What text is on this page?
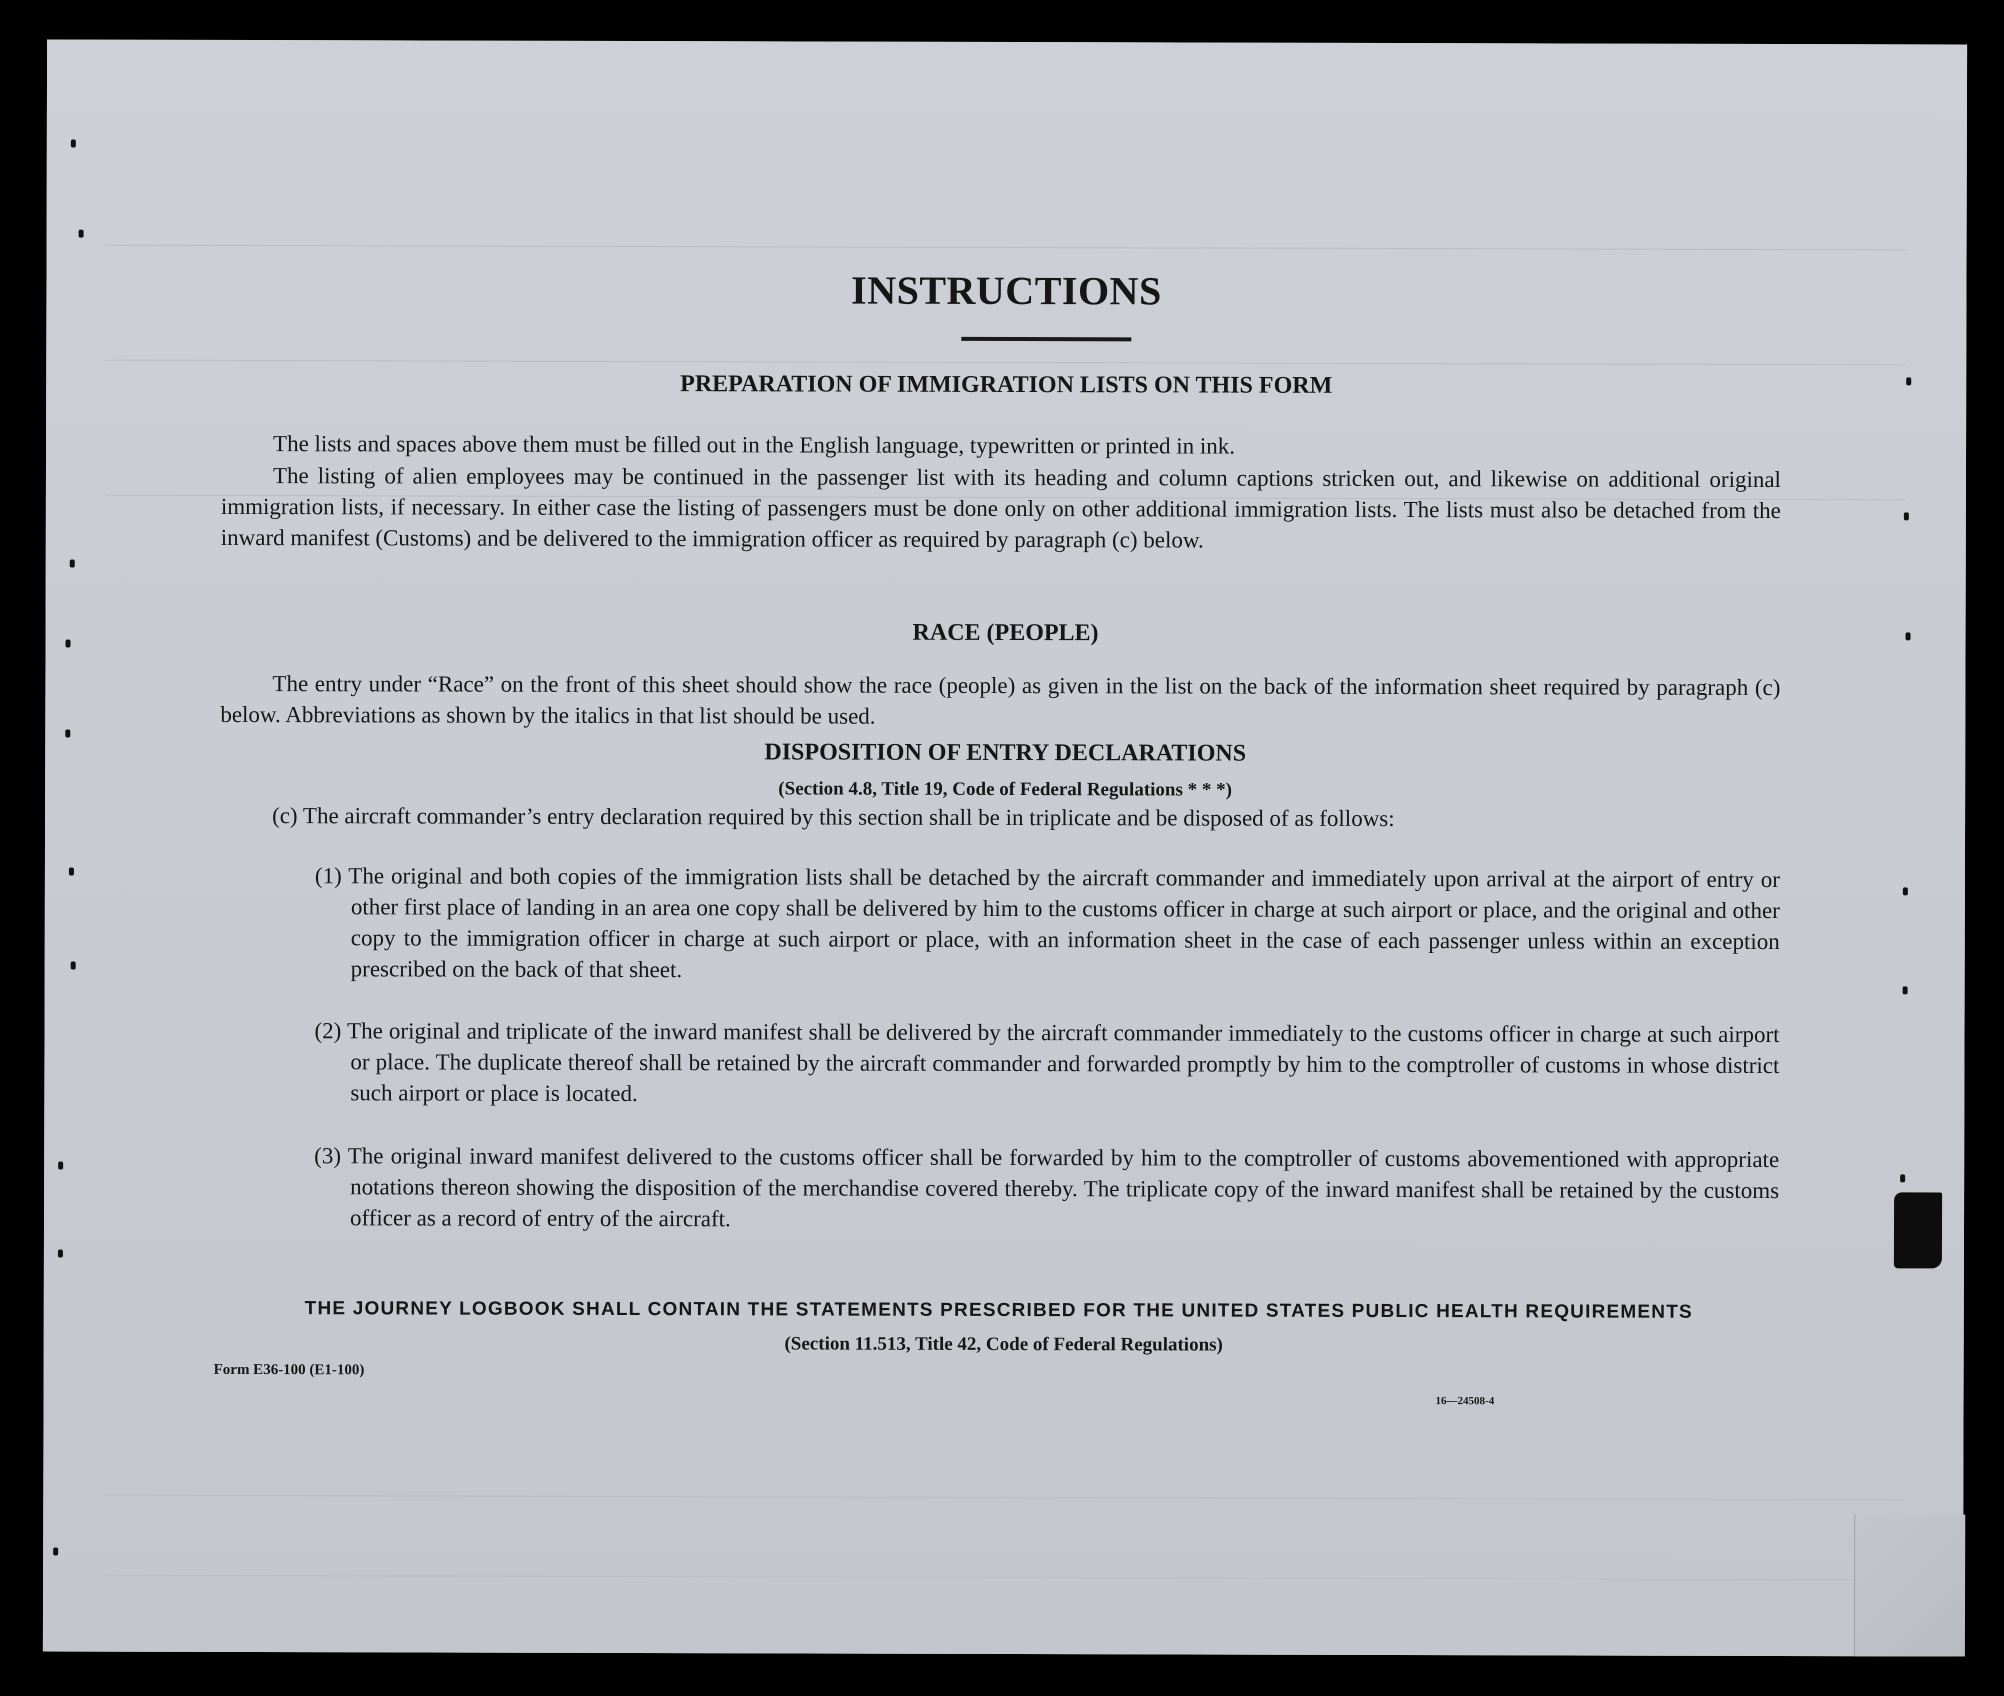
INSTRUCTIONS
PREPARATION OF IMMIGRATION LISTS ON THIS FORM
The lists and spaces above them must be filled out in the English language, typewritten or printed in ink.
The listing of alien employees may be continued in the passenger list with its heading and column captions stricken out, and likewise on additional original immigration lists, if necessary. In either case the listing of passengers must be done only on other additional immigration lists. The lists must also be detached from the inward manifest (Customs) and be delivered to the immigration officer as required by paragraph (c) below.
RACE (PEOPLE)
The entry under “Race” on the front of this sheet should show the race (people) as given in the list on the back of the information sheet required by paragraph (c) below. Abbreviations as shown by the italics in that list should be used.
DISPOSITION OF ENTRY DECLARATIONS
(Section 4.8, Title 19, Code of Federal Regulations * * *)
(c) The aircraft commander’s entry declaration required by this section shall be in triplicate and be disposed of as follows:
(1) The original and both copies of the immigration lists shall be detached by the aircraft commander and immediately upon arrival at the airport of entry or other first place of landing in an area one copy shall be delivered by him to the customs officer in charge at such airport or place, and the original and other copy to the immigration officer in charge at such airport or place, with an information sheet in the case of each passenger unless within an exception prescribed on the back of that sheet.
(2) The original and triplicate of the inward manifest shall be delivered by the aircraft commander immediately to the customs officer in charge at such airport or place. The duplicate thereof shall be retained by the aircraft commander and forwarded promptly by him to the comptroller of customs in whose district such airport or place is located.
(3) The original inward manifest delivered to the customs officer shall be forwarded by him to the comptroller of customs abovementioned with appropriate notations thereon showing the disposition of the merchandise covered thereby. The triplicate copy of the inward manifest shall be retained by the customs officer as a record of entry of the aircraft.
THE JOURNEY LOGBOOK SHALL CONTAIN THE STATEMENTS PRESCRIBED FOR THE UNITED STATES PUBLIC HEALTH REQUIREMENTS
(Section 11.513, Title 42, Code of Federal Regulations)
Form E36-100 (E1-100)
16—24508-4
